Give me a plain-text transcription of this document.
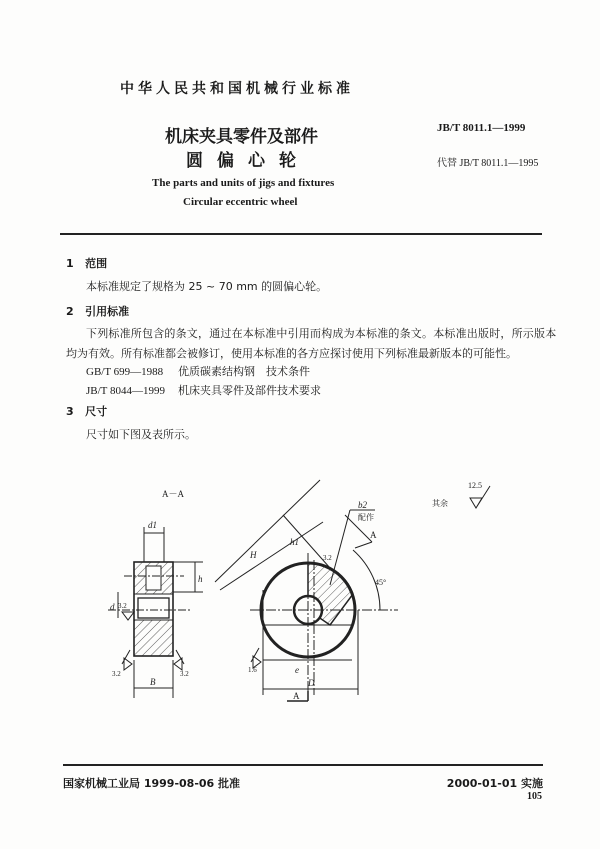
中华人民共和国机械行业标准
机床夹具零件及部件
圆偏心轮
The parts and units of jigs and fixtures
Circular eccentric wheel
JB/T 8011.1—1999
代替 JB/T 8011.1—1995
1 范围
本标准规定了规格为 25 ~ 70 mm 的圆偏心轮。
2 引用标准
下列标准所包含的条文，通过在本标准中引用而构成为本标准的条文。本标准出版时，所示版本
均为有效。所有标准都会被修订，使用本标准的各方应探讨使用下列标准最新版本的可能性。
GB/T 699—1988 优质碳素结构钢　技术条件
JB/T 8044—1999 机床夹具零件及部件技术要求
3 尺寸
尺寸如下图及表所示。
A－A
d1
h
d 3.2
B
3.2	3.2
H
h1
b2
配作
A
45°
e
D
1.6
3.2
A
其余
12.5
国家机械工业局 1999-08-06 批准	2000-01-01 实施
105
